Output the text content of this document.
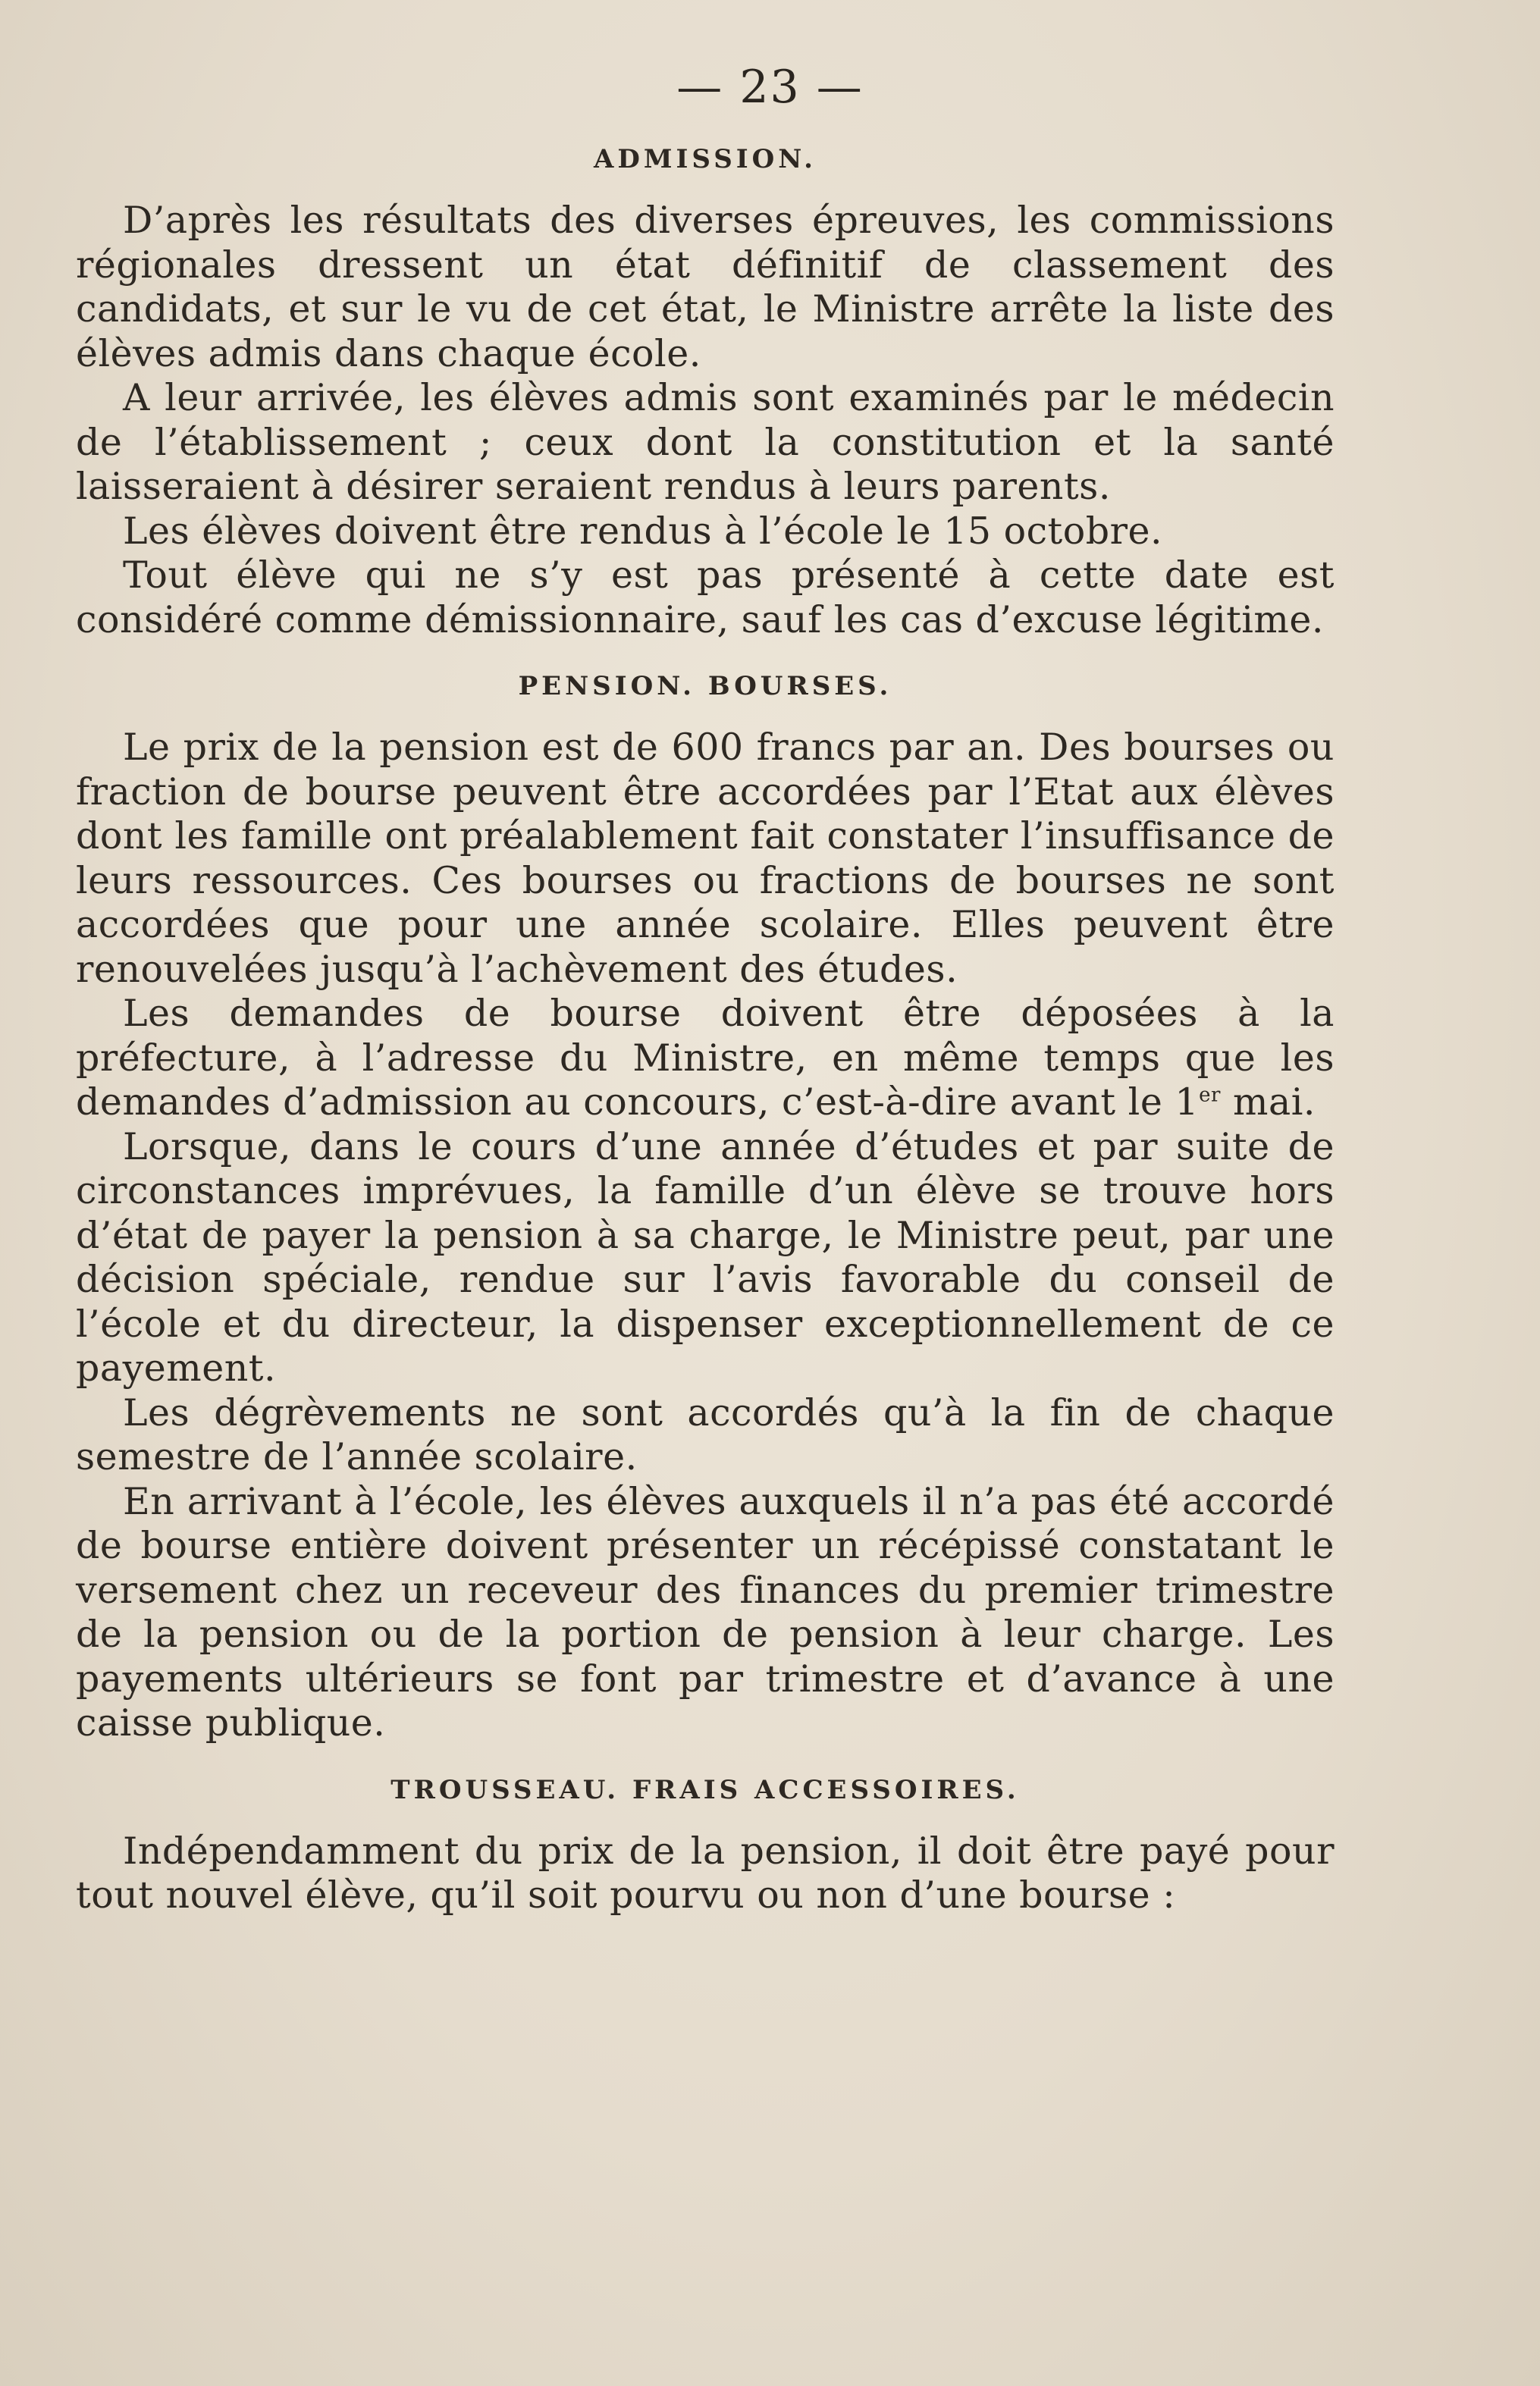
— 23 —
ADMISSION.

D’après les résultats des diverses épreuves, les commissions régionales dressent un état définitif de classement des candidats, et sur le vu de cet état, le Ministre arrête la liste des élèves admis dans chaque école.

A leur arrivée, les élèves admis sont examinés par le médecin de l’établissement ; ceux dont la constitution et la santé laisseraient à désirer seraient rendus à leurs parents.

Les élèves doivent être rendus à l’école le 15 octobre.

Tout élève qui ne s’y est pas présenté à cette date est considéré comme démissionnaire, sauf les cas d’excuse légitime.

PENSION. BOURSES.

Le prix de la pension est de 600 francs par an. Des bourses ou fraction de bourse peuvent être accordées par l’Etat aux élèves dont les famille ont préalablement fait constater l’insuffisance de leurs ressources. Ces bourses ou fractions de bourses ne sont accordées que pour une année scolaire. Elles peuvent être renouvelées jusqu’à l’achèvement des études.

Les demandes de bourse doivent être déposées à la préfecture, à l’adresse du Ministre, en même temps que les demandes d’admission au concours, c’est-à-dire avant le 1er mai.

Lorsque, dans le cours d’une année d’études et par suite de circonstances imprévues, la famille d’un élève se trouve hors d’état de payer la pension à sa charge, le Ministre peut, par une décision spéciale, rendue sur l’avis favorable du conseil de l’école et du directeur, la dispenser exceptionnellement de ce payement.

Les dégrèvements ne sont accordés qu’à la fin de chaque semestre de l’année scolaire.

En arrivant à l’école, les élèves auxquels il n’a pas été accordé de bourse entière doivent présenter un récépissé constatant le versement chez un receveur des finances du premier trimestre de la pension ou de la portion de pension à leur charge. Les payements ultérieurs se font par trimestre et d’avance à une caisse publique.

TROUSSEAU. FRAIS ACCESSOIRES.

Indépendamment du prix de la pension, il doit être payé pour tout nouvel élève, qu’il soit pourvu ou non d’une bourse :
